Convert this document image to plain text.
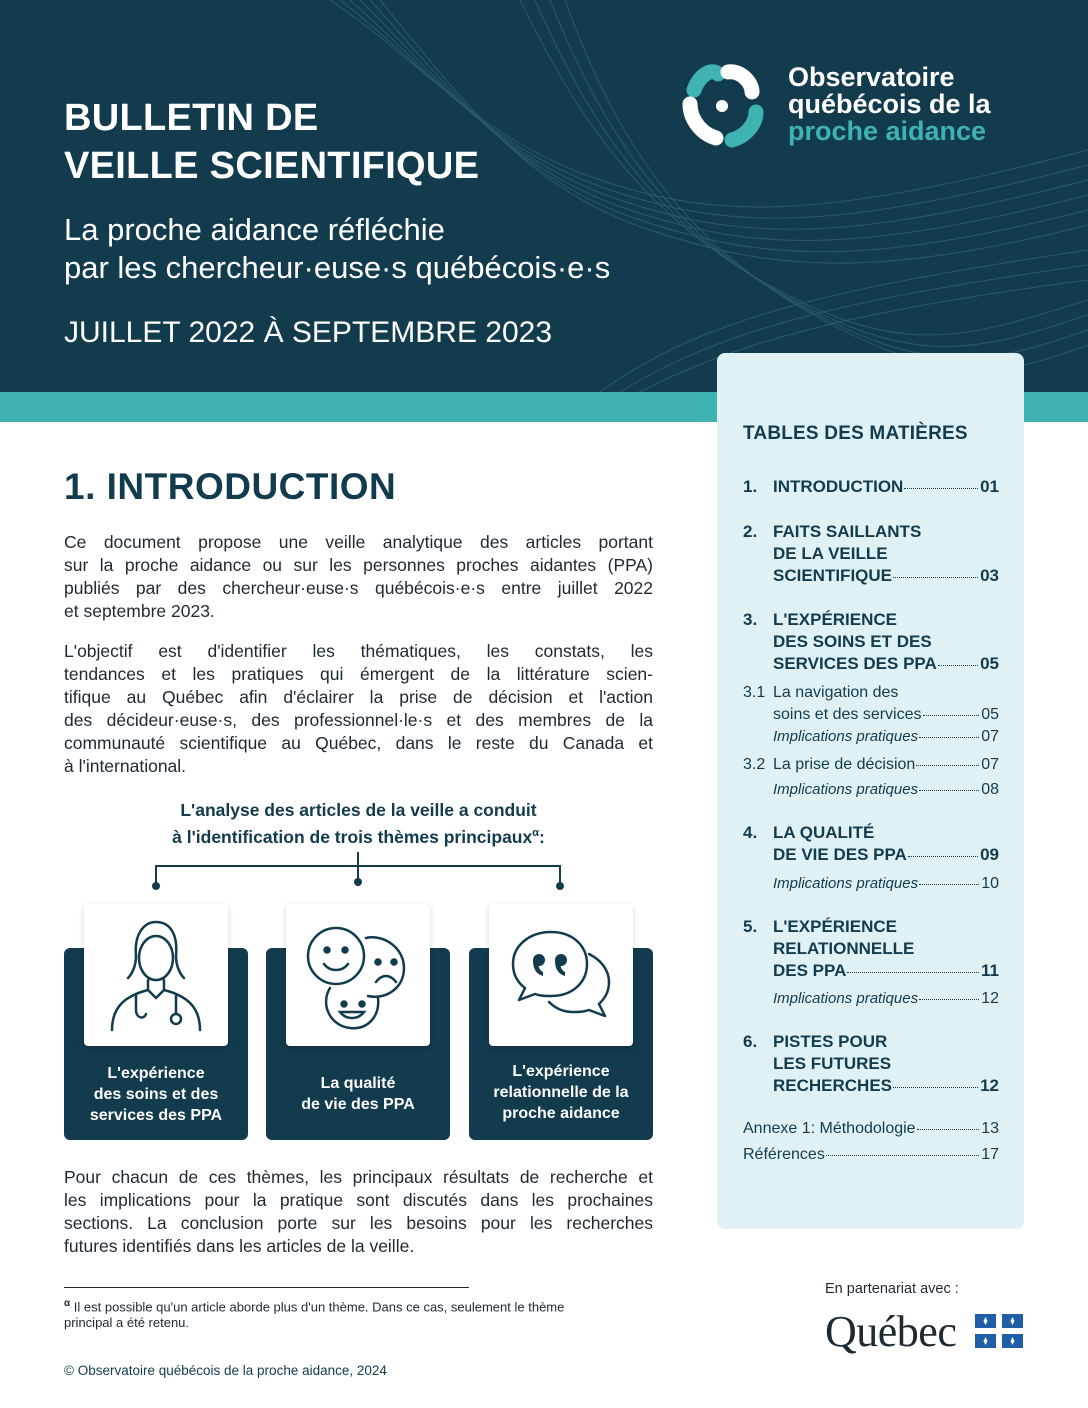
BULLETIN DE
VEILLE SCIENTIFIQUE
La proche aidance réfléchie
par les chercheur·euse·s québécois·e·s
JUILLET 2022 À SEPTEMBRE 2023
Observatoire
québécois de la
proche aidance
TABLES DES MATIÈRES
1. INTRODUCTION	01
2. FAITS SAILLANTS
DE LA VEILLE
SCIENTIFIQUE	03
3. L'EXPÉRIENCE
DES SOINS ET DES
SERVICES DES PPA	05
3.1 La navigation des
soins et des services	05
Implications pratiques	07
3.2 La prise de décision	07
Implications pratiques	08
4. LA QUALITÉ
DE VIE DES PPA	09
Implications pratiques	10
5. L'EXPÉRIENCE
RELATIONNELLE
DES PPA	11
Implications pratiques	12
6. PISTES POUR
LES FUTURES
RECHERCHES	12
Annexe 1: Méthodologie	13
Références	17
1. INTRODUCTION
Ce document propose une veille analytique des articles portant
sur la proche aidance ou sur les personnes proches aidantes (PPA)
publiés par des chercheur·euse·s québécois·e·s entre juillet 2022
et septembre 2023.
L'objectif est d'identifier les thématiques, les constats, les
tendances et les pratiques qui émergent de la littérature scien-
tifique au Québec afin d'éclairer la prise de décision et l'action
des décideur·euse·s, des professionnel·le·s et des membres de la
communauté scientifique au Québec, dans le reste du Canada et
à l'international.
L'analyse des articles de la veille a conduit
à l'identification de trois thèmes principaux$^\alpha$:
L'expérience
des soins et des
services des PPA
La qualité
de vie des PPA
L'expérience
relationnelle de la
proche aidance
Pour chacun de ces thèmes, les principaux résultats de recherche et
les implications pour la pratique sont discutés dans les prochaines
sections. La conclusion porte sur les besoins pour les recherches
futures identifiés dans les articles de la veille.
$^\alpha$ Il est possible qu'un article aborde plus d'un thème. Dans ce cas, seulement le thème
principal a été retenu.
© Observatoire québécois de la proche aidance, 2024
En partenariat avec :
Québec
